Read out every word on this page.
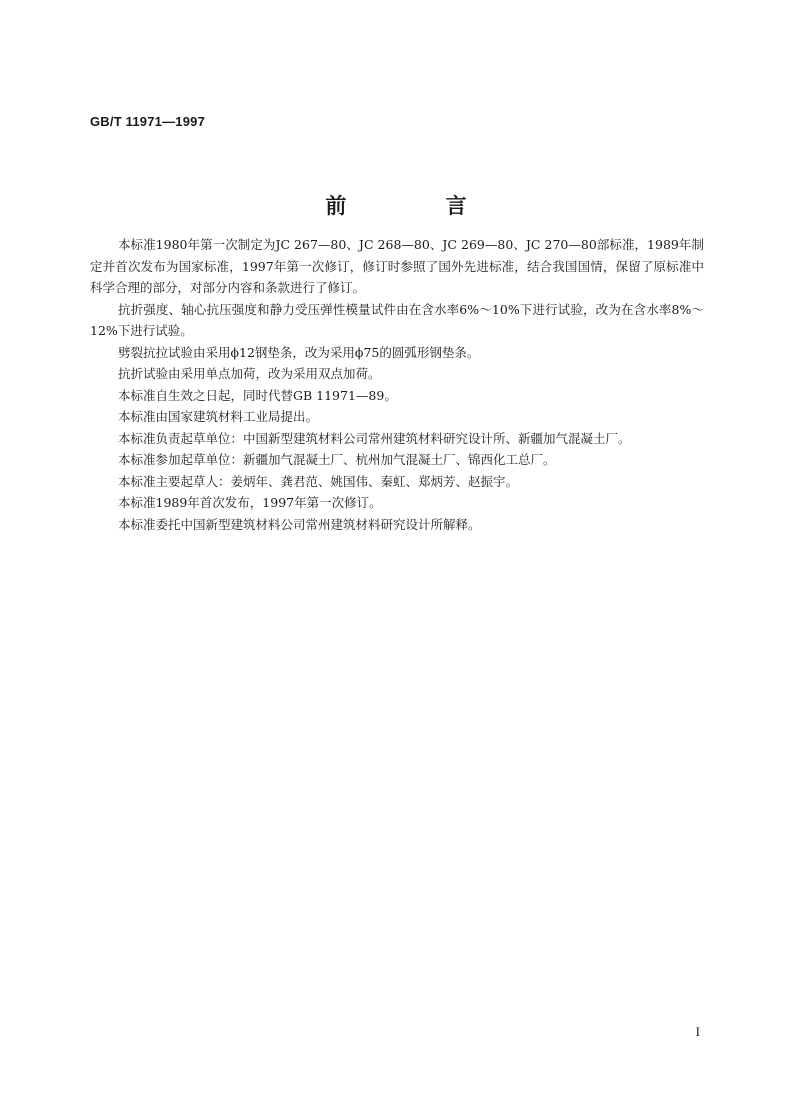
GB/T 11971—1997
前 言

本标准1980年第一次制定为JC 267—80、JC 268—80、JC 269—80、JC 270—80部标准，1989年制定并首次发布为国家标准，1997年第一次修订，修订时参照了国外先进标准，结合我国国情，保留了原标准中科学合理的部分，对部分内容和条款进行了修订。

抗折强度、轴心抗压强度和静力受压弹性模量试件由在含水率6%～10%下进行试验，改为在含水率8%～12%下进行试验。

劈裂抗拉试验由采用ϕ12钢垫条，改为采用ϕ75的圆弧形钢垫条。

抗折试验由采用单点加荷，改为采用双点加荷。

本标准自生效之日起，同时代替GB 11971—89。

本标准由国家建筑材料工业局提出。

本标准负责起草单位：中国新型建筑材料公司常州建筑材料研究设计所、新疆加气混凝土厂。

本标准参加起草单位：新疆加气混凝土厂、杭州加气混凝土厂、锦西化工总厂。

本标准主要起草人：姜炳年、龚君范、姚国伟、秦虹、郑炳芳、赵振宇。

本标准1989年首次发布，1997年第一次修订。

本标准委托中国新型建筑材料公司常州建筑材料研究设计所解释。

I
